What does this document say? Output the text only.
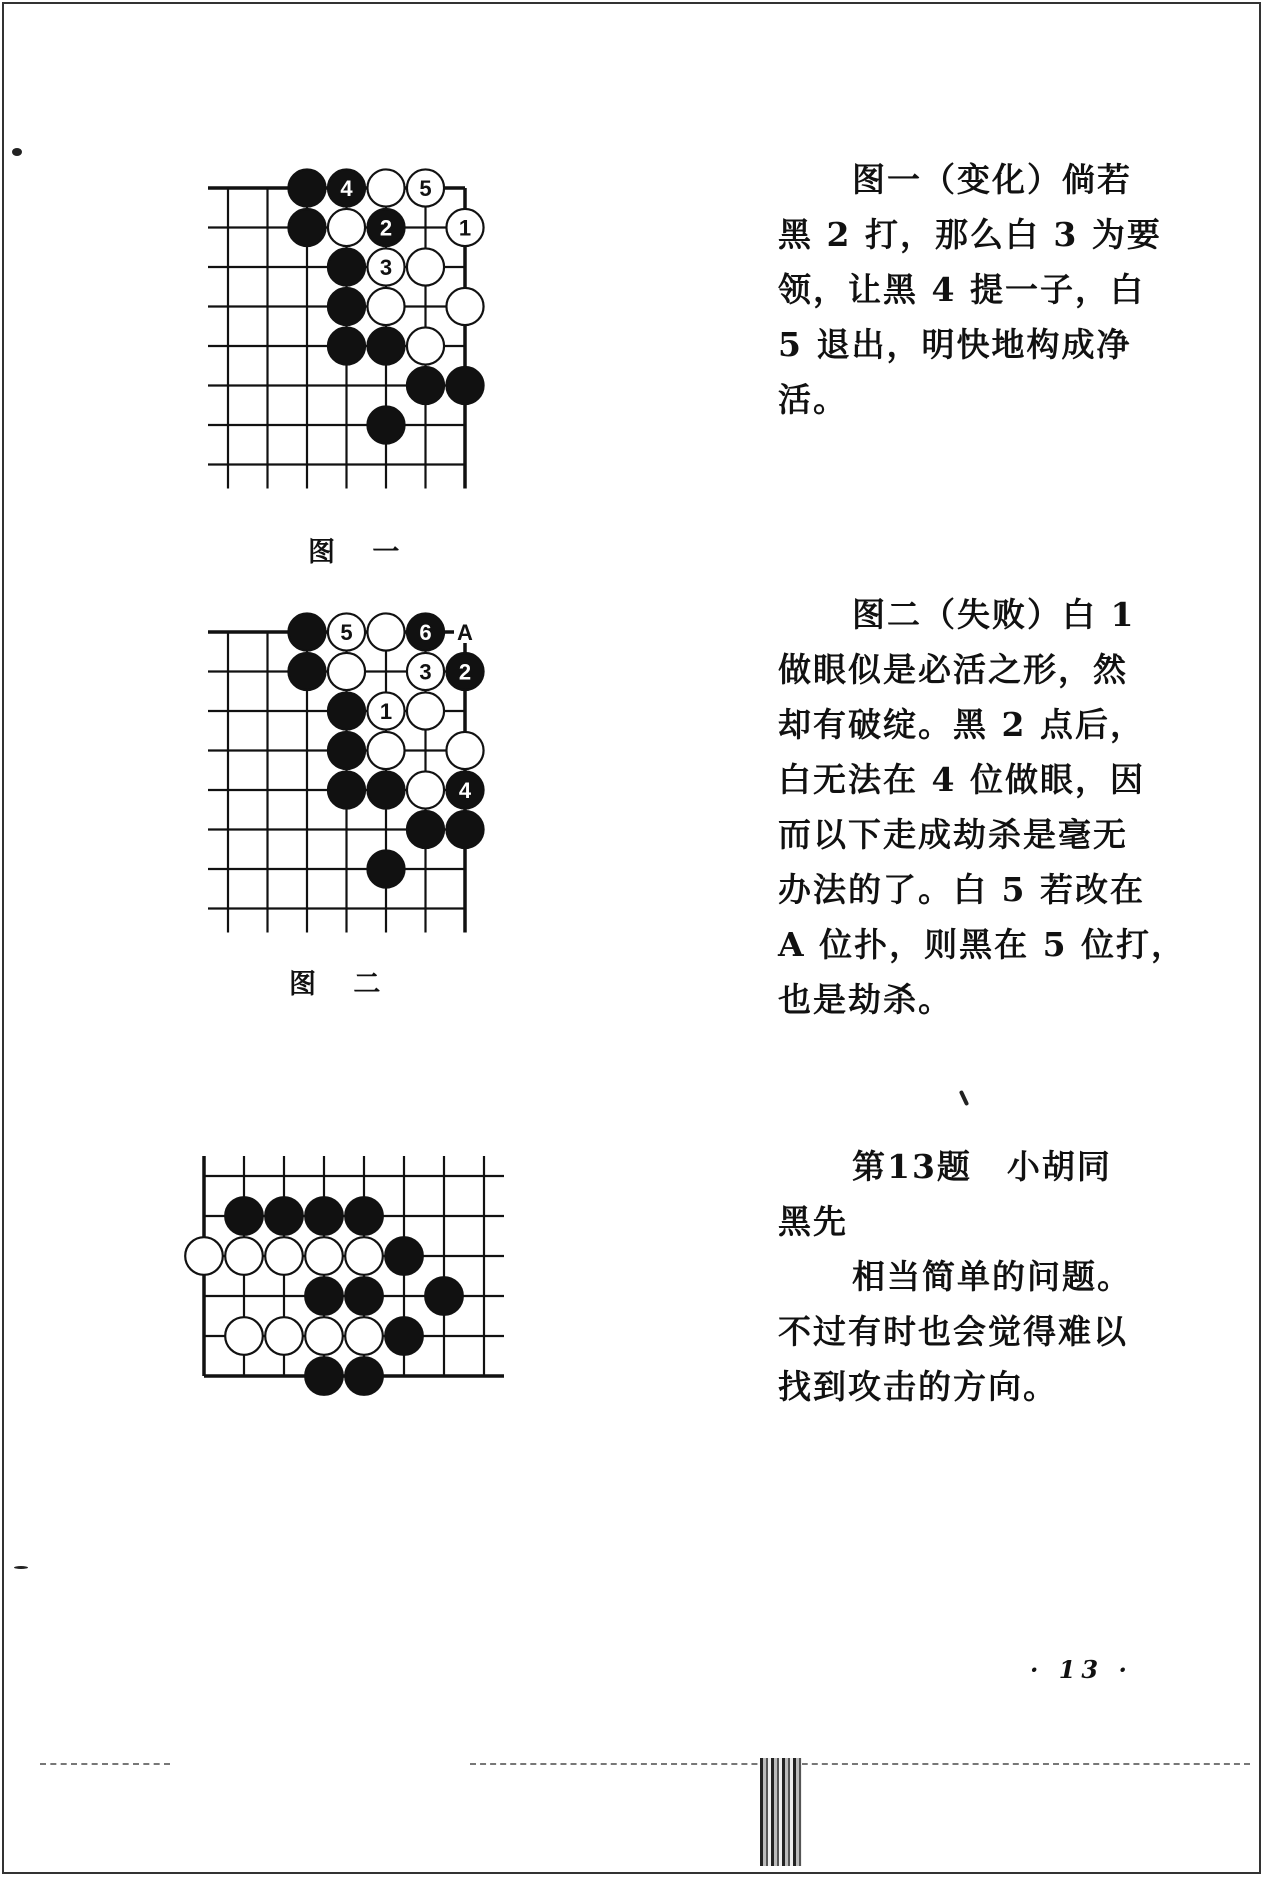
4	5
2	1
3
5	6
3 2
1
4
A
图 一
图 二
图一（变化）倘若
黑 2 打，那么白 3 为要
领，让黑 4 提一子，白
5 退出，明快地构成净
活。
图二（失败）白 1
做眼似是必活之形，然
却有破绽。黑 2 点后，
白无法在 4 位做眼，因
而以下走成劫杀是毫无
办法的了。白 5 若改在
A 位扑，则黑在 5 位打，
也是劫杀。
第13题　小胡同
黑先
相当简单的问题。
不过有时也会觉得难以
找到攻击的方向。
· 13 ·
